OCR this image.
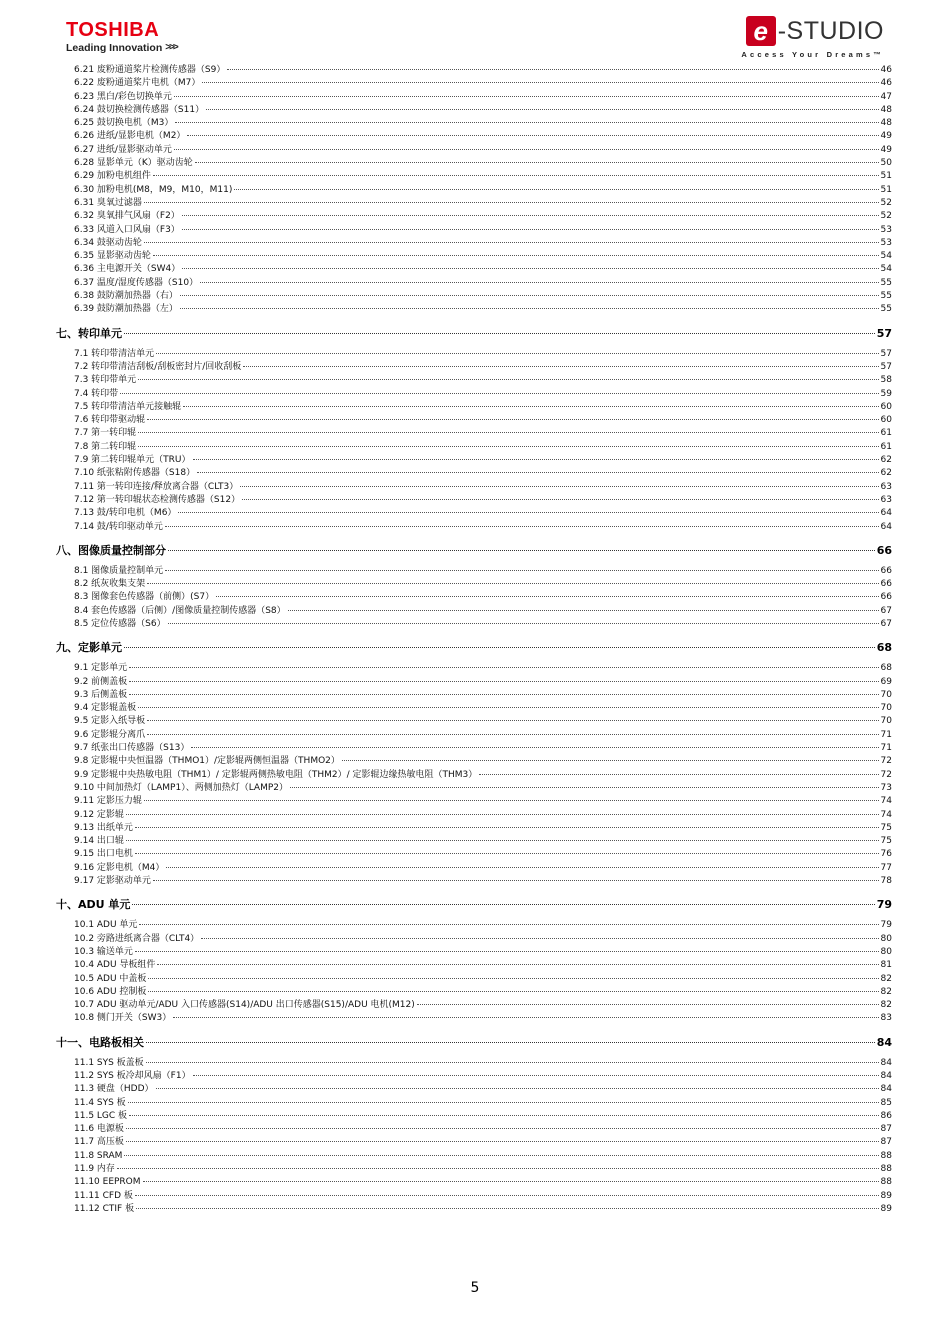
TOSHIBA
Leading Innovation >>>
e -STUDIO
Access Your Dreams™
6.21 废粉通道桨片检测传感器（S9）	46
6.22 废粉通道桨片电机（M7）	46
6.23 黑白/彩色切换单元	47
6.24 鼓切换检测传感器（S11）	48
6.25 鼓切换电机（M3）	48
6.26 进纸/显影电机（M2）	49
6.27 进纸/显影驱动单元	49
6.28 显影单元（K）驱动齿轮	50
6.29 加粉电机组件	51
6.30 加粉电机(M8，M9，M10，M11)	51
6.31 臭氧过滤器	52
6.32 臭氧排气风扇（F2）	52
6.33 风道入口风扇（F3）	53
6.34 鼓驱动齿轮	53
6.35 显影驱动齿轮	54
6.36 主电源开关（SW4）	54
6.37 温度/湿度传感器（S10）	55
6.38 鼓防潮加热器（右）	55
6.39 鼓防潮加热器（左）	55
七、转印单元	57
7.1 转印带清洁单元	57
7.2 转印带清洁刮板/刮板密封片/回收刮板	57
7.3 转印带单元	58
7.4 转印带	59
7.5 转印带清洁单元接触辊	60
7.6 转印带驱动辊	60
7.7 第一转印辊	61
7.8 第二转印辊	61
7.9 第二转印辊单元（TRU）	62
7.10 纸张粘附传感器（S18）	62
7.11 第一转印连接/释放离合器（CLT3）	63
7.12 第一转印辊状态检测传感器（S12）	63
7.13 鼓/转印电机（M6）	64
7.14 鼓/转印驱动单元	64
八、图像质量控制部分	66
8.1 图像质量控制单元	66
8.2 纸灰收集支架	66
8.3 图像套色传感器（前侧）(S7）	66
8.4 套色传感器（后侧）/图像质量控制传感器（S8）	67
8.5 定位传感器（S6）	67
九、定影单元	68
9.1 定影单元	68
9.2 前侧盖板	69
9.3 后侧盖板	70
9.4 定影辊盖板	70
9.5 定影入纸导板	70
9.6 定影辊分离爪	71
9.7 纸张出口传感器（S13）	71
9.8 定影辊中央恒温器（THMO1）/定影辊两侧恒温器（THMO2）	72
9.9 定影辊中央热敏电阻（THM1）/ 定影辊两侧热敏电阻（THM2）/ 定影辊边缘热敏电阻（THM3）	72
9.10 中间加热灯（LAMP1）、两侧加热灯（LAMP2）	73
9.11 定影压力辊	74
9.12 定影辊	74
9.13 出纸单元	75
9.14 出口辊	75
9.15 出口电机	76
9.16 定影电机（M4）	77
9.17 定影驱动单元	78
十、ADU 单元	79
10.1 ADU 单元	79
10.2 旁路进纸离合器（CLT4）	80
10.3 输送单元	80
10.4 ADU 导板组件	81
10.5 ADU 中盖板	82
10.6 ADU 控制板	82
10.7 ADU 驱动单元/ADU 入口传感器(S14)/ADU 出口传感器(S15)/ADU 电机(M12)	82
10.8 侧门开关（SW3）	83
十一、电路板相关	84
11.1 SYS 板盖板	84
11.2 SYS 板冷却风扇（F1）	84
11.3 硬盘（HDD）	84
11.4 SYS 板	85
11.5 LGC 板	86
11.6 电源板	87
11.7 高压板	87
11.8 SRAM	88
11.9 内存	88
11.10 EEPROM	88
11.11 CFD 板	89
11.12 CTIF 板	89
5
